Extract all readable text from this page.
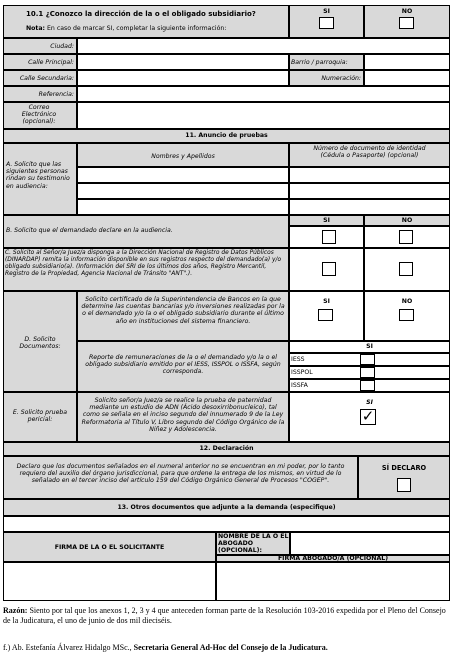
10.1 ¿Conozco la dirección de la o el obligado subsidiario?
Nota: En caso de marcar SI, completar la siguiente información:
SI	NO
Ciudad:
Calle Principal:	Barrio / parroquia:
Calle Secundaria:	Numeración:
Referencia:
Correo Electrónico (opcional):
11. Anuncio de pruebas
A. Solicito que las siguientes personas rindan su testimonio en audiencia:
Nombres y Apellidos
Número de documento de identidad (Cédula o Pasaporte) (opcional)
B. Solicito que el demandado declare en la audiencia.
SI	NO
C. Solicito al Señor/a Juez/a disponga a la Dirección Nacional de Registro de Datos Públicos (DINARDAP) remita la información disponible en sus registros respecto del demandado(a) y/o obligado subsidiario(a). (Información del SRI de los últimos dos años, Registro Mercantil, Registro de la Propiedad, Agencia Nacional de Tránsito "ANT".).
D. Solicito Documentos:
Solicito certificado de la Superintendencia de Bancos en la que determine las cuentas bancarias y/o inversiones realizadas por la o el demandado y/o la o el obligado subsidiario durante el último año en instituciones del sistema financiero.
SI	NO
Reporte de remuneraciones de la o el demandado y/o la o el obligado subsidiario emitido por el IESS, ISSPOL o ISSFA, según corresponda.
SI
IESS
ISSPOL
ISSFA
E. Solicito prueba pericial:
Solicito señor/a Juez/a se realice la prueba de paternidad mediante un estudio de ADN (Ácido desoxirribonucleico), tal como se señala en el inciso segundo del innumerado 9 de la Ley Reformatoria al Título V, Libro segundo del Código Orgánico de la Niñez y Adolescencia.
SI
✓
12. Declaración
Declaro que los documentos señalados en el numeral anterior no se encuentran en mi poder, por lo tanto requiero del auxilio del órgano jurisdiccional, para que ordene la entrega de los mismos, en virtud de lo señalado en el tercer inciso del artículo 159 del Código Orgánico General de Procesos "COGEP".
SÍ DECLARO
13. Otros documentos que adjunte a la demanda (especifique)
FIRMA DE LA O EL SOLICITANTE
NOMBRE DE LA O EL ABOGADO (OPCIONAL):
FIRMA ABOGADO/A (OPCIONAL)
Razón: Siento por tal que los anexos 1, 2, 3 y 4 que anteceden forman parte de la Resolución 103-2016 expedida por el Pleno del Consejo de la Judicatura, el uno de junio de dos mil dieciséis.
f.) Ab. Estefanía Álvarez Hidalgo MSc., Secretaria General Ad-Hoc del Consejo de la Judicatura.
